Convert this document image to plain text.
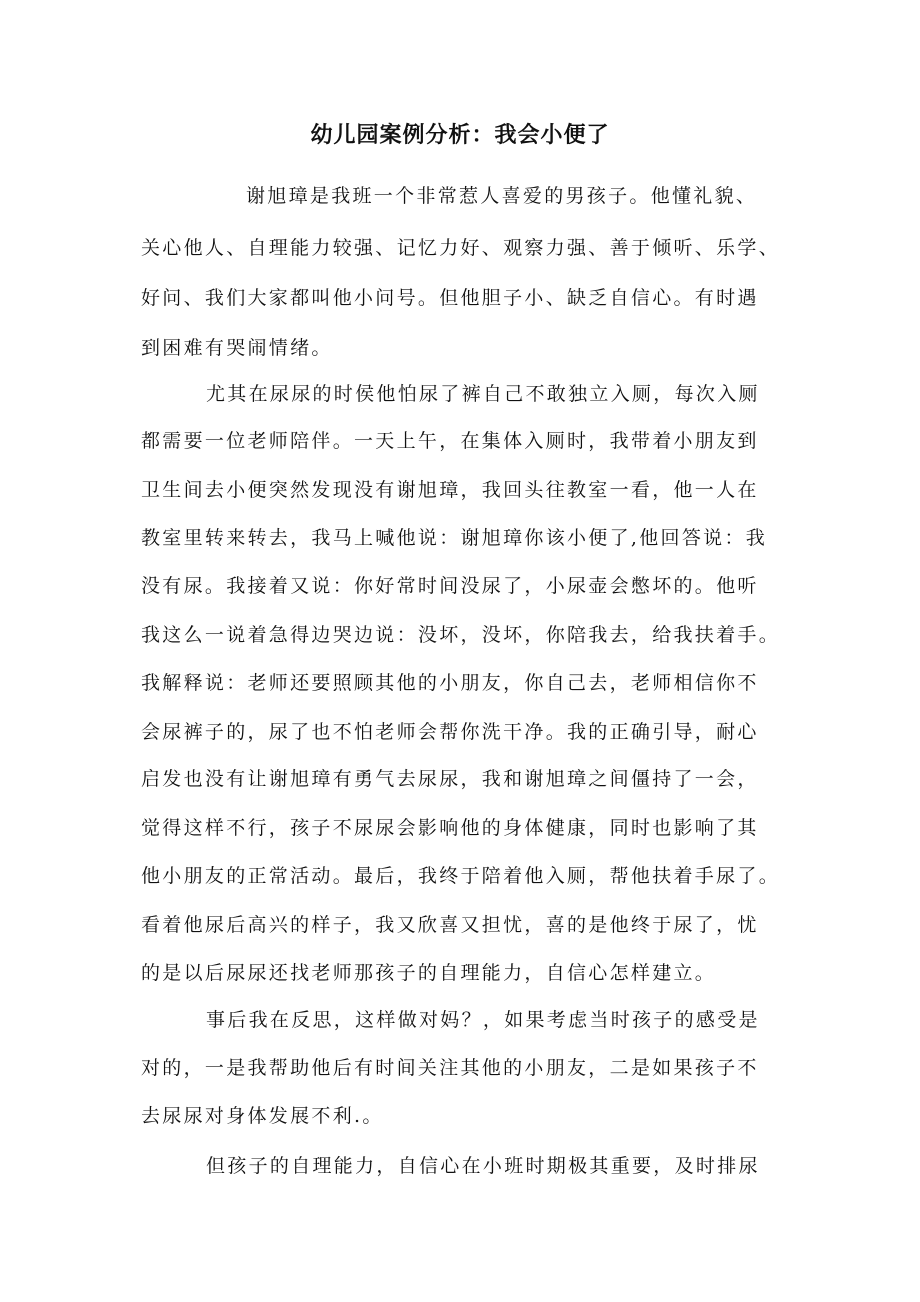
幼儿园案例分析：我会小便了
谢旭璋是我班一个非常惹人喜爱的男孩子。他懂礼貌、
关心他人、自理能力较强、记忆力好、观察力强、善于倾听、乐学、
好问、我们大家都叫他小问号。但他胆子小、缺乏自信心。有时遇
到困难有哭闹情绪。
尤其在尿尿的时侯他怕尿了裤自己不敢独立入厕，每次入厕
都需要一位老师陪伴。一天上午，在集体入厕时，我带着小朋友到
卫生间去小便突然发现没有谢旭璋，我回头往教室一看，他一人在
教室里转来转去，我马上喊他说：谢旭璋你该小便了,他回答说：我
没有尿。我接着又说：你好常时间没尿了，小尿壶会憋坏的。他听
我这么一说着急得边哭边说：没坏，没坏，你陪我去，给我扶着手。
我解释说：老师还要照顾其他的小朋友，你自己去，老师相信你不
会尿裤子的，尿了也不怕老师会帮你洗干净。我的正确引导，耐心
启发也没有让谢旭璋有勇气去尿尿，我和谢旭璋之间僵持了一会，
觉得这样不行，孩子不尿尿会影响他的身体健康，同时也影响了其
他小朋友的正常活动。最后，我终于陪着他入厕，帮他扶着手尿了。
看着他尿后高兴的样子，我又欣喜又担忧，喜的是他终于尿了，忧
的是以后尿尿还找老师那孩子的自理能力，自信心怎样建立。
事后我在反思，这样做对妈？，如果考虑当时孩子的感受是
对的，一是我帮助他后有时间关注其他的小朋友，二是如果孩子不
去尿尿对身体发展不利.。
但孩子的自理能力，自信心在小班时期极其重要，及时排尿
